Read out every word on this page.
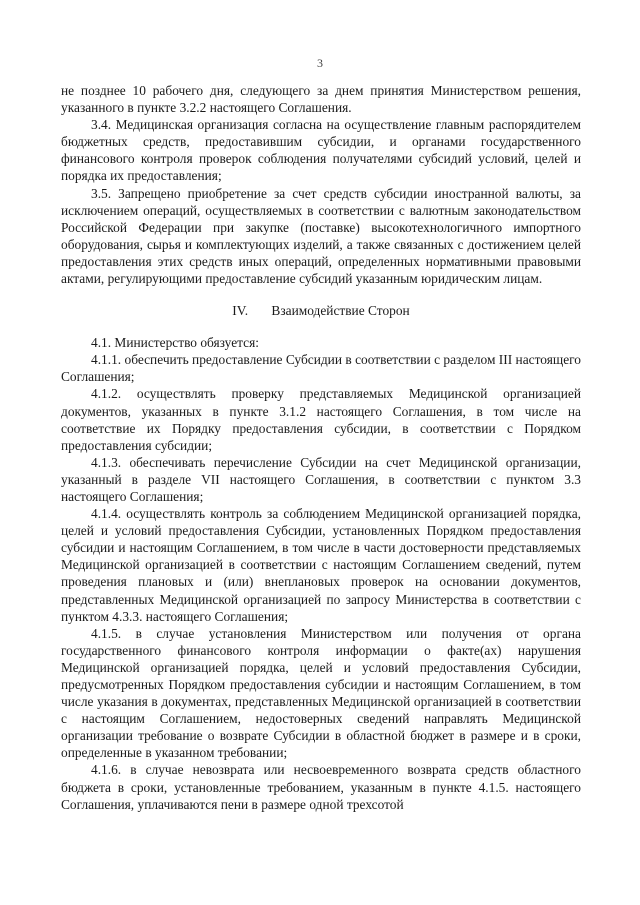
3

не позднее 10 рабочего дня, следующего за днем принятия Министерством решения, указанного в пункте 3.2.2 настоящего Соглашения.

3.4. Медицинская организация согласна на осуществление главным распорядителем бюджетных средств, предоставившим субсидии, и органами государственного финансового контроля проверок соблюдения получателями субсидий условий, целей и порядка их предоставления;

3.5. Запрещено приобретение за счет средств субсидии иностранной валюты, за исключением операций, осуществляемых в соответствии с валютным законодательством Российской Федерации при закупке (поставке) высокотехнологичного импортного оборудования, сырья и комплектующих изделий, а также связанных с достижением целей предоставления этих средств иных операций, определенных нормативными правовыми актами, регулирующими предоставление субсидий указанным юридическим лицам.

IV. Взаимодействие Сторон

4.1. Министерство обязуется:

4.1.1. обеспечить предоставление Субсидии в соответствии с разделом III настоящего Соглашения;

4.1.2. осуществлять проверку представляемых Медицинской организацией документов, указанных в пункте 3.1.2 настоящего Соглашения, в том числе на соответствие их Порядку предоставления субсидии, в соответствии с Порядком предоставления субсидии;

4.1.3. обеспечивать перечисление Субсидии на счет Медицинской организации, указанный в разделе VII настоящего Соглашения, в соответствии с пунктом 3.3 настоящего Соглашения;

4.1.4. осуществлять контроль за соблюдением Медицинской организацией порядка, целей и условий предоставления Субсидии, установленных Порядком предоставления субсидии и настоящим Соглашением, в том числе в части достоверности представляемых Медицинской организацией в соответствии с настоящим Соглашением сведений, путем проведения плановых и (или) внеплановых проверок на основании документов, представленных Медицинской организацией по запросу Министерства в соответствии с пунктом 4.3.3. настоящего Соглашения;

4.1.5. в случае установления Министерством или получения от органа государственного финансового контроля информации о факте(ах) нарушения Медицинской организацией порядка, целей и условий предоставления Субсидии, предусмотренных Порядком предоставления субсидии и настоящим Соглашением, в том числе указания в документах, представленных Медицинской организацией в соответствии с настоящим Соглашением, недостоверных сведений направлять Медицинской организации требование о возврате Субсидии в областной бюджет в размере и в сроки, определенные в указанном требовании;

4.1.6. в случае невозврата или несвоевременного возврата средств областного бюджета в сроки, установленные требованием, указанным в пункте 4.1.5. настоящего Соглашения, уплачиваются пени в размере одной трехсотой
